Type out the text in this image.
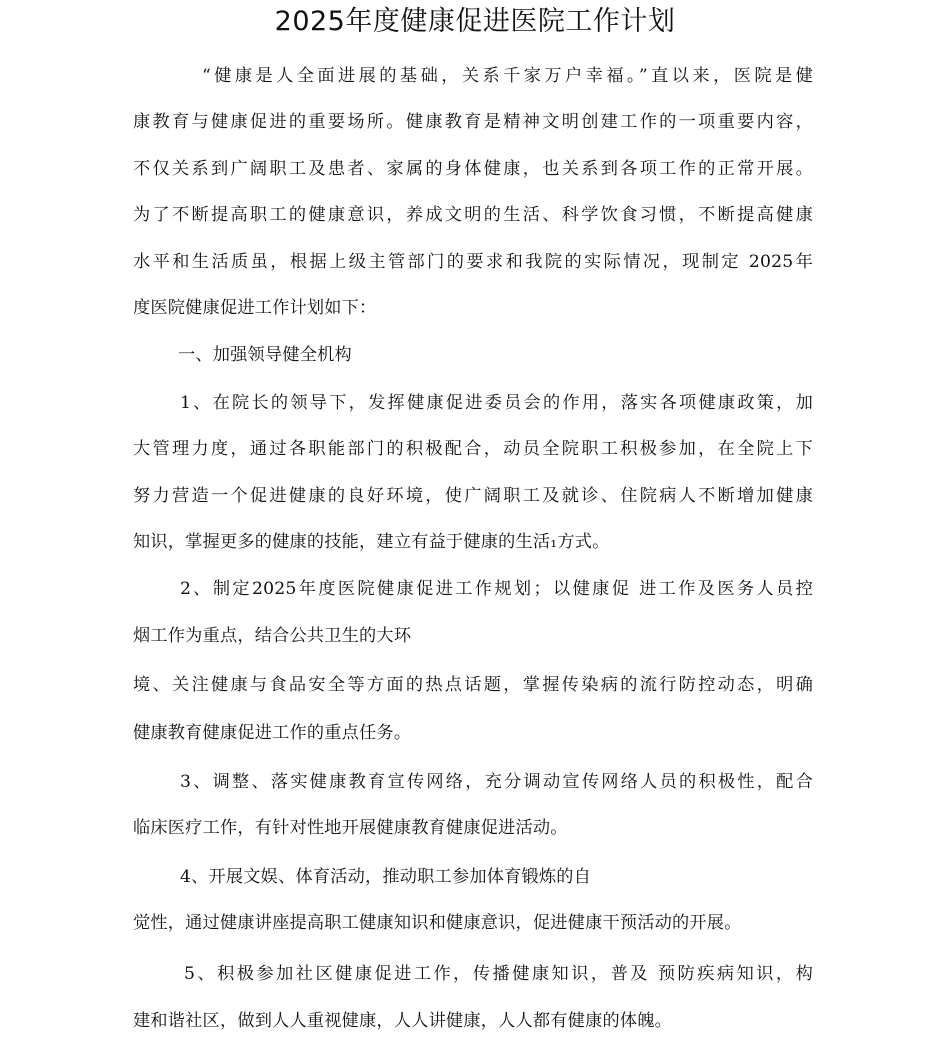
2025年度健康促进医院工作计划
“健康是人全面进展的基础，关系千家万户幸福。”直以来，医院是健
康教育与健康促进的重要场所。健康教育是精神文明创建工作的一项重要内容，
不仅关系到广阔职工及患者、家属的身体健康，也关系到各项工作的正常开展。
为了不断提高职工的健康意识，养成文明的生活、科学饮食习惯，不断提高健康
水平和生活质虽，根据上级主管部门的要求和我院的实际情况，现制定 2025年
度医院健康促进工作计划如下：
一、加强领导健全机构
1、在院长的领导下，发挥健康促进委员会的作用，落实各项健康政策，加
大管理力度，通过各职能部门的积极配合，动员全院职工积极参加，在全院上下
努力营造一个促进健康的良好环境，使广阔职工及就诊、住院病人不断增加健康
知识，掌握更多的健康的技能，建立有益于健康的生活₁方式。
2、制定2025年度医院健康促进工作规划；以健康促 进工作及医务人员控
烟工作为重点，结合公共卫生的大环
境、关注健康与食品安全等方面的热点话题，掌握传染病的流行防控动态，明确
健康教育健康促进工作的重点任务。
3、调整、落实健康教育宣传网络，充分调动宣传网络人员的积极性，配合
临床医疗工作，有针对性地开展健康教育健康促进活动。
4、开展文娱、体育活动，推动职工参加体育锻炼的自
觉性，通过健康讲座提高职工健康知识和健康意识，促进健康干预活动的开展。
5、积极参加社区健康促进工作，传播健康知识，普及 预防疾病知识，构
建和谐社区，做到人人重视健康，人人讲健康，人人都有健康的体魄。
